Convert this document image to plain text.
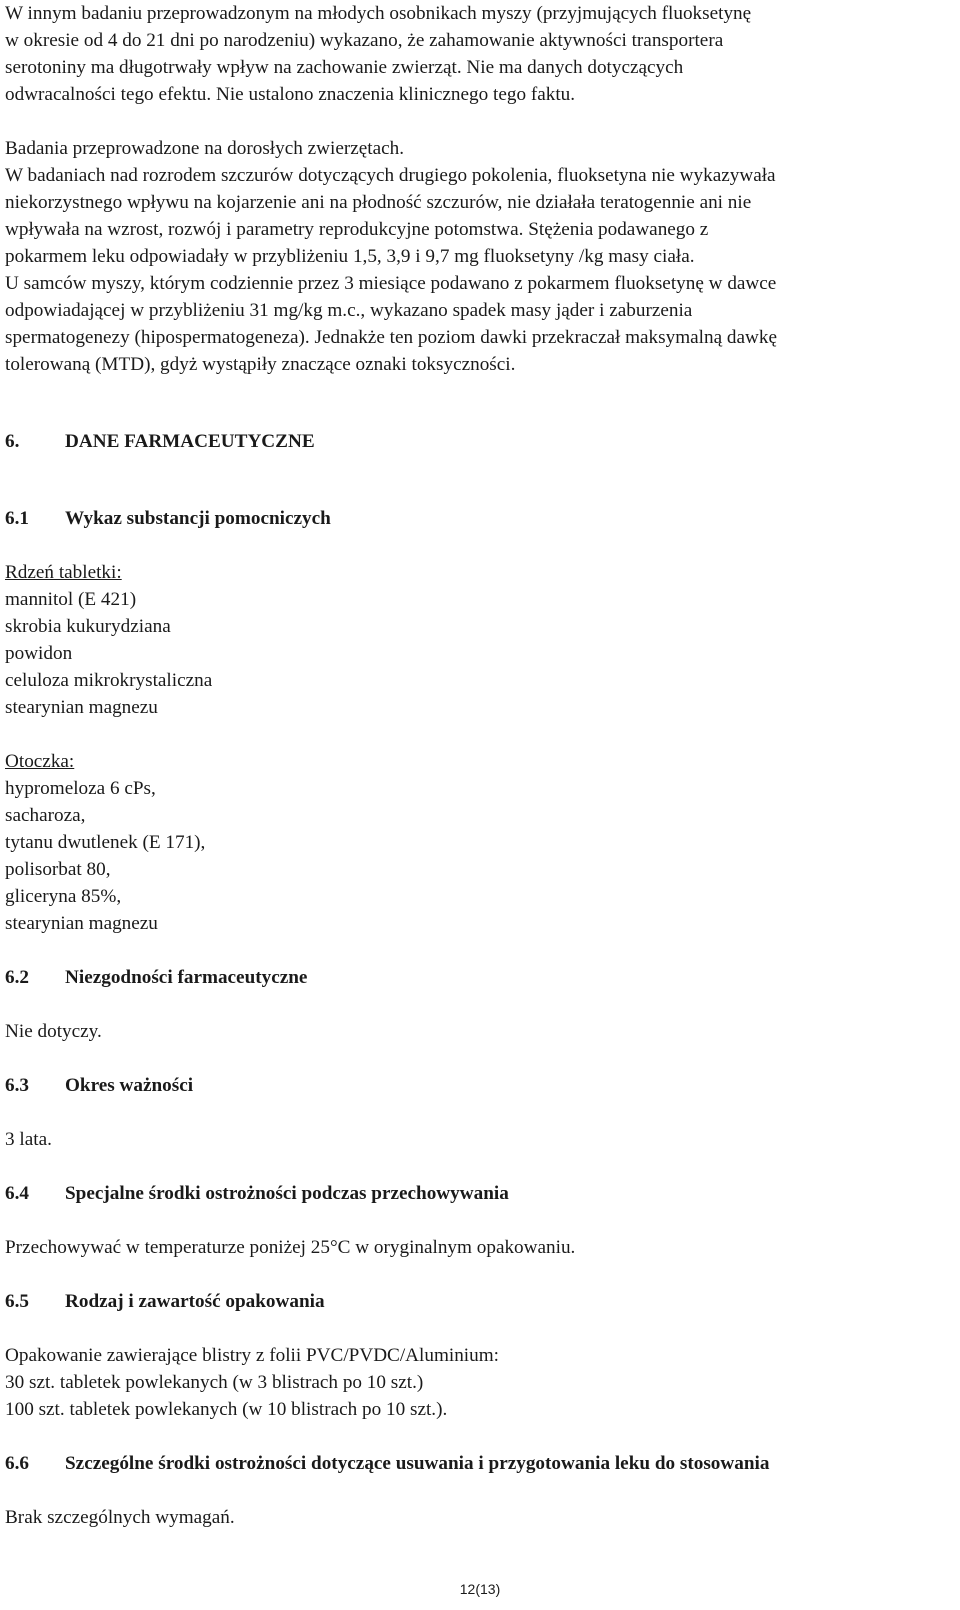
W innym badaniu przeprowadzonym na młodych osobnikach myszy (przyjmujących fluoksetynę

w okresie od 4 do 21 dni po narodzeniu) wykazano, że zahamowanie aktywności transportera

serotoniny ma długotrwały wpływ na zachowanie zwierząt. Nie ma danych dotyczących

odwracalności tego efektu. Nie ustalono znaczenia klinicznego tego faktu.

Badania przeprowadzone na dorosłych zwierzętach.

W badaniach nad rozrodem szczurów dotyczących drugiego pokolenia, fluoksetyna nie wykazywała

niekorzystnego wpływu na kojarzenie ani na płodność szczurów, nie działała teratogennie ani nie

wpływała na wzrost, rozwój i parametry reprodukcyjne potomstwa. Stężenia podawanego z

pokarmem leku odpowiadały w przybliżeniu 1,5, 3,9 i 9,7 mg fluoksetyny /kg masy ciała.

U samców myszy, którym codziennie przez 3 miesiące podawano z pokarmem fluoksetynę w dawce

odpowiadającej w przybliżeniu 31 mg/kg m.c., wykazano spadek masy jąder i zaburzenia

spermatogenezy (hipospermatogeneza). Jednakże ten poziom dawki przekraczał maksymalną dawkę

tolerowaną (MTD), gdyż wystąpiły znaczące oznaki toksyczności.

6.	DANE FARMACEUTYCZNE

6.1	Wykaz substancji pomocniczych

Rdzeń tabletki:

mannitol (E 421)

skrobia kukurydziana

powidon

celuloza mikrokrystaliczna

stearynian magnezu

Otoczka:

hypromeloza 6 cPs,

sacharoza,

tytanu dwutlenek (E 171),

polisorbat 80,

gliceryna 85%,

stearynian magnezu

6.2	Niezgodności farmaceutyczne

Nie dotyczy.

6.3	Okres ważności

3 lata.

6.4	Specjalne środki ostrożności podczas przechowywania

Przechowywać w temperaturze poniżej 25°C w oryginalnym opakowaniu.

6.5	Rodzaj i zawartość opakowania

Opakowanie zawierające blistry z folii PVC/PVDC/Aluminium:

30 szt. tabletek powlekanych (w 3 blistrach po 10 szt.)

100 szt. tabletek powlekanych (w 10 blistrach po 10 szt.).

6.6	Szczególne środki ostrożności dotyczące usuwania i przygotowania leku do stosowania

Brak szczególnych wymagań.

12(13)
